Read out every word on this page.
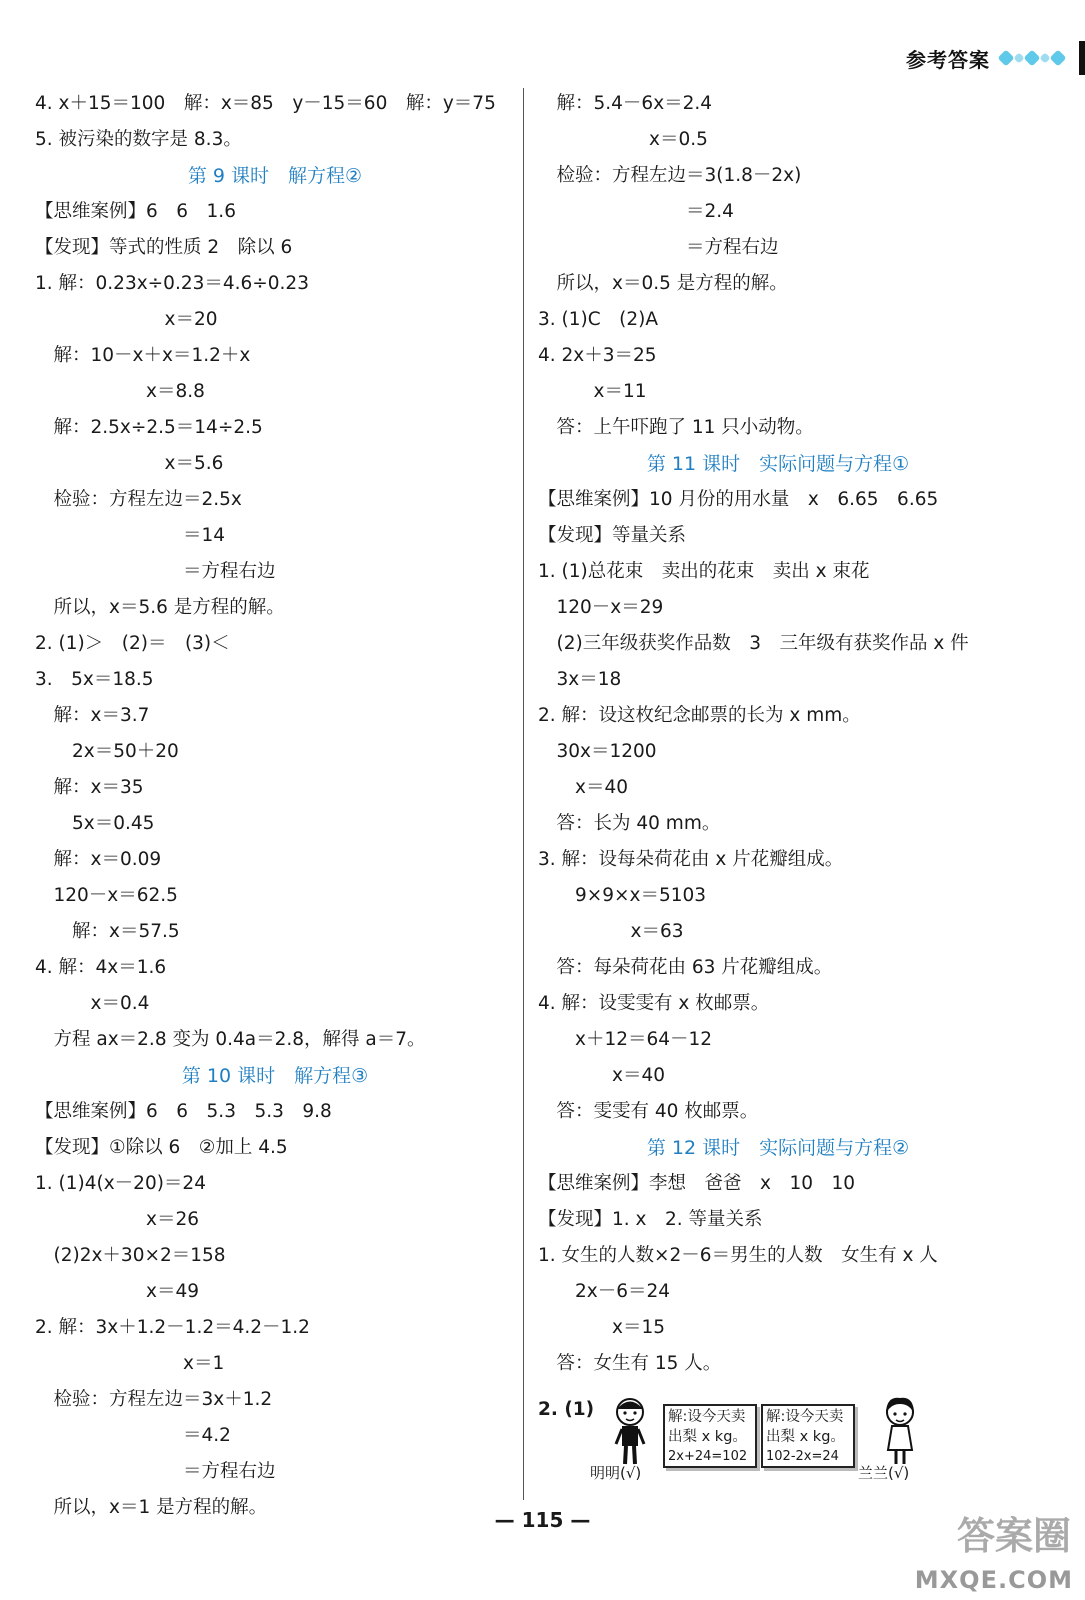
参考答案
4. x＋15＝100　解：x＝85　y－15＝60　解：y＝75
5. 被污染的数字是 8.3。
第 9 课时　解方程②
【思维案例】6　6　1.6
【发现】等式的性质 2　除以 6
1. 解：0.23x÷0.23＝4.6÷0.23
　　　　　　　x＝20
　解：10－x＋x＝1.2＋x
　　　　　　x＝8.8
　解：2.5x÷2.5＝14÷2.5
　　　　　　　x＝5.6
　检验：方程左边＝2.5x
　　　　　　　　＝14
　　　　　　　　＝方程右边
　所以，x＝5.6 是方程的解。
2. (1)＞　(2)＝　(3)＜
3.　5x＝18.5
　解：x＝3.7
　　2x＝50＋20
　解：x＝35
　　5x＝0.45
　解：x＝0.09
　120－x＝62.5
　　解：x＝57.5
4. 解：4x＝1.6
　　　x＝0.4
　方程 ax＝2.8 变为 0.4a＝2.8，解得 a＝7。
第 10 课时　解方程③
【思维案例】6　6　5.3　5.3　9.8
【发现】①除以 6　②加上 4.5
1. (1)4(x－20)＝24
　　　　　　x＝26
　(2)2x＋30×2＝158
　　　　　　x＝49
2. 解：3x＋1.2－1.2＝4.2－1.2
　　　　　　　　x＝1
　检验：方程左边＝3x＋1.2
　　　　　　　　＝4.2
　　　　　　　　＝方程右边
　所以，x＝1 是方程的解。
　解：5.4－6x＝2.4
　　　　　　x＝0.5
　检验：方程左边＝3(1.8－2x)
　　　　　　　　＝2.4
　　　　　　　　＝方程右边
　所以，x＝0.5 是方程的解。
3. (1)C　(2)A
4. 2x＋3＝25
　　　x＝11
　答：上午吓跑了 11 只小动物。
第 11 课时　实际问题与方程①
【思维案例】10 月份的用水量　x　6.65　6.65
【发现】等量关系
1. (1)总花束　卖出的花束　卖出 x 束花
　120－x＝29
　(2)三年级获奖作品数　3　三年级有获奖作品 x 件
　3x＝18
2. 解：设这枚纪念邮票的长为 x mm。
　30x＝1200
　　x＝40
　答：长为 40 mm。
3. 解：设每朵荷花由 x 片花瓣组成。
　　9×9×x＝5103
　　　　　x＝63
　答：每朵荷花由 63 片花瓣组成。
4. 解：设雯雯有 x 枚邮票。
　　x＋12＝64－12
　　　　x＝40
　答：雯雯有 40 枚邮票。
第 12 课时　实际问题与方程②
【思维案例】李想　爸爸　x　10　10
【发现】1. x　2. 等量关系
1. 女生的人数×2－6＝男生的人数　女生有 x 人
　　2x－6＝24
　　　　x＝15
　答：女生有 15 人。
2. (1)
明明(√)
解:设今天卖
出梨 x kg。
2x+24=102
解:设今天卖
出梨 x kg。
102-2x=24
兰兰(√)
— 115 —	答案圈
MXQE.COM
